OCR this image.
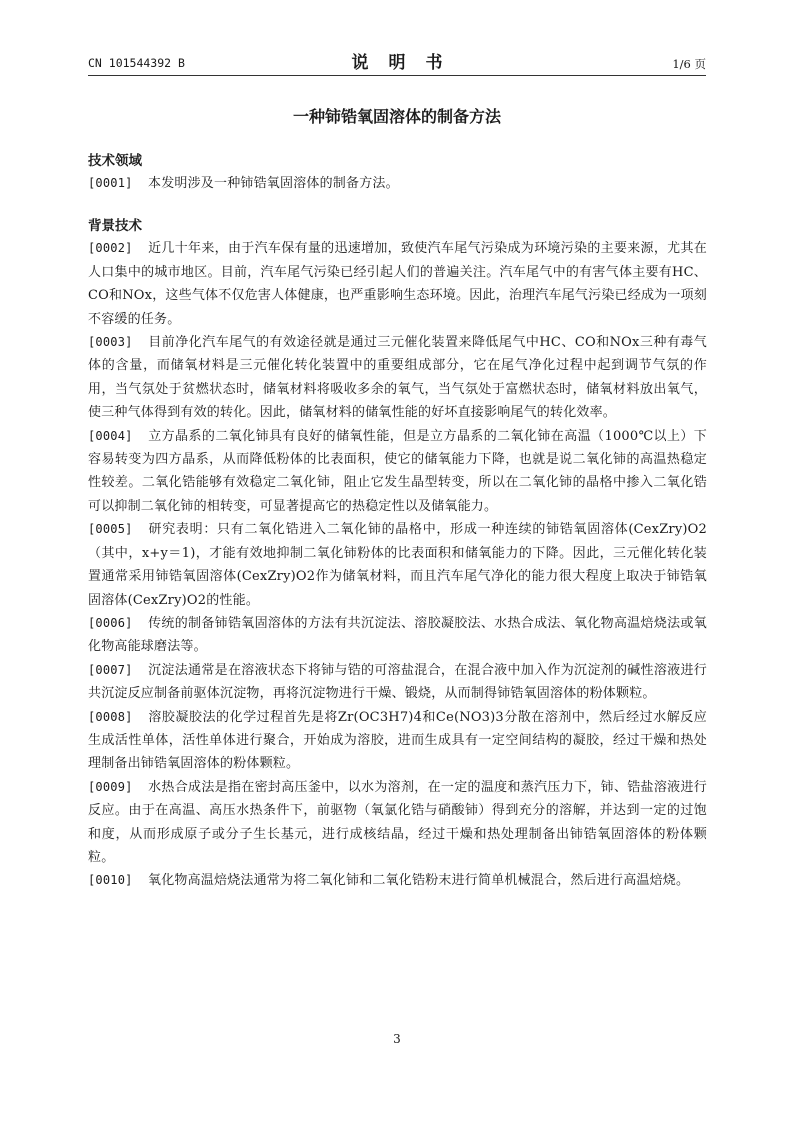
CN 101544392 B	说明书	1/6 页
一种铈锆氧固溶体的制备方法
技术领域
[0001] 本发明涉及一种铈锆氧固溶体的制备方法。
背景技术
[0002] 近几十年来，由于汽车保有量的迅速增加，致使汽车尾气污染成为环境污染的主要来源，尤其在人口集中的城市地区。目前，汽车尾气污染已经引起人们的普遍关注。汽车尾气中的有害气体主要有HC、CO和NOx，这些气体不仅危害人体健康，也严重影响生态环境。因此，治理汽车尾气污染已经成为一项刻不容缓的任务。
[0003] 目前净化汽车尾气的有效途径就是通过三元催化装置来降低尾气中HC、CO和NOx三种有毒气体的含量，而储氧材料是三元催化转化装置中的重要组成部分，它在尾气净化过程中起到调节气氛的作用，当气氛处于贫燃状态时，储氧材料将吸收多余的氧气，当气氛处于富燃状态时，储氧材料放出氧气，使三种气体得到有效的转化。因此，储氧材料的储氧性能的好坏直接影响尾气的转化效率。
[0004] 立方晶系的二氧化铈具有良好的储氧性能，但是立方晶系的二氧化铈在高温（1000℃以上）下容易转变为四方晶系，从而降低粉体的比表面积，使它的储氧能力下降，也就是说二氧化铈的高温热稳定性较差。二氧化锆能够有效稳定二氧化铈，阻止它发生晶型转变，所以在二氧化铈的晶格中掺入二氧化锆可以抑制二氧化铈的相转变，可显著提高它的热稳定性以及储氧能力。
[0005] 研究表明：只有二氧化锆进入二氧化铈的晶格中，形成一种连续的铈锆氧固溶体(CexZry)O2（其中，x+y＝1)，才能有效地抑制二氧化铈粉体的比表面积和储氧能力的下降。因此，三元催化转化装置通常采用铈锆氧固溶体(CexZry)O2作为储氧材料，而且汽车尾气净化的能力很大程度上取决于铈锆氧固溶体(CexZry)O2的性能。
[0006] 传统的制备铈锆氧固溶体的方法有共沉淀法、溶胶凝胶法、水热合成法、氧化物高温焙烧法或氧化物高能球磨法等。
[0007] 沉淀法通常是在溶液状态下将铈与锆的可溶盐混合，在混合液中加入作为沉淀剂的碱性溶液进行共沉淀反应制备前驱体沉淀物，再将沉淀物进行干燥、锻烧，从而制得铈锆氧固溶体的粉体颗粒。
[0008] 溶胶凝胶法的化学过程首先是将Zr(OC3H7)4和Ce(NO3)3分散在溶剂中，然后经过水解反应生成活性单体，活性单体进行聚合，开始成为溶胶，进而生成具有一定空间结构的凝胶，经过干燥和热处理制备出铈锆氧固溶体的粉体颗粒。
[0009] 水热合成法是指在密封高压釜中，以水为溶剂，在一定的温度和蒸汽压力下，铈、锆盐溶液进行反应。由于在高温、高压水热条件下，前驱物（氧氯化锆与硝酸铈）得到充分的溶解，并达到一定的过饱和度，从而形成原子或分子生长基元，进行成核结晶，经过干燥和热处理制备出铈锆氧固溶体的粉体颗粒。
[0010] 氧化物高温焙烧法通常为将二氧化铈和二氧化锆粉末进行简单机械混合，然后进行高温焙烧。
3
